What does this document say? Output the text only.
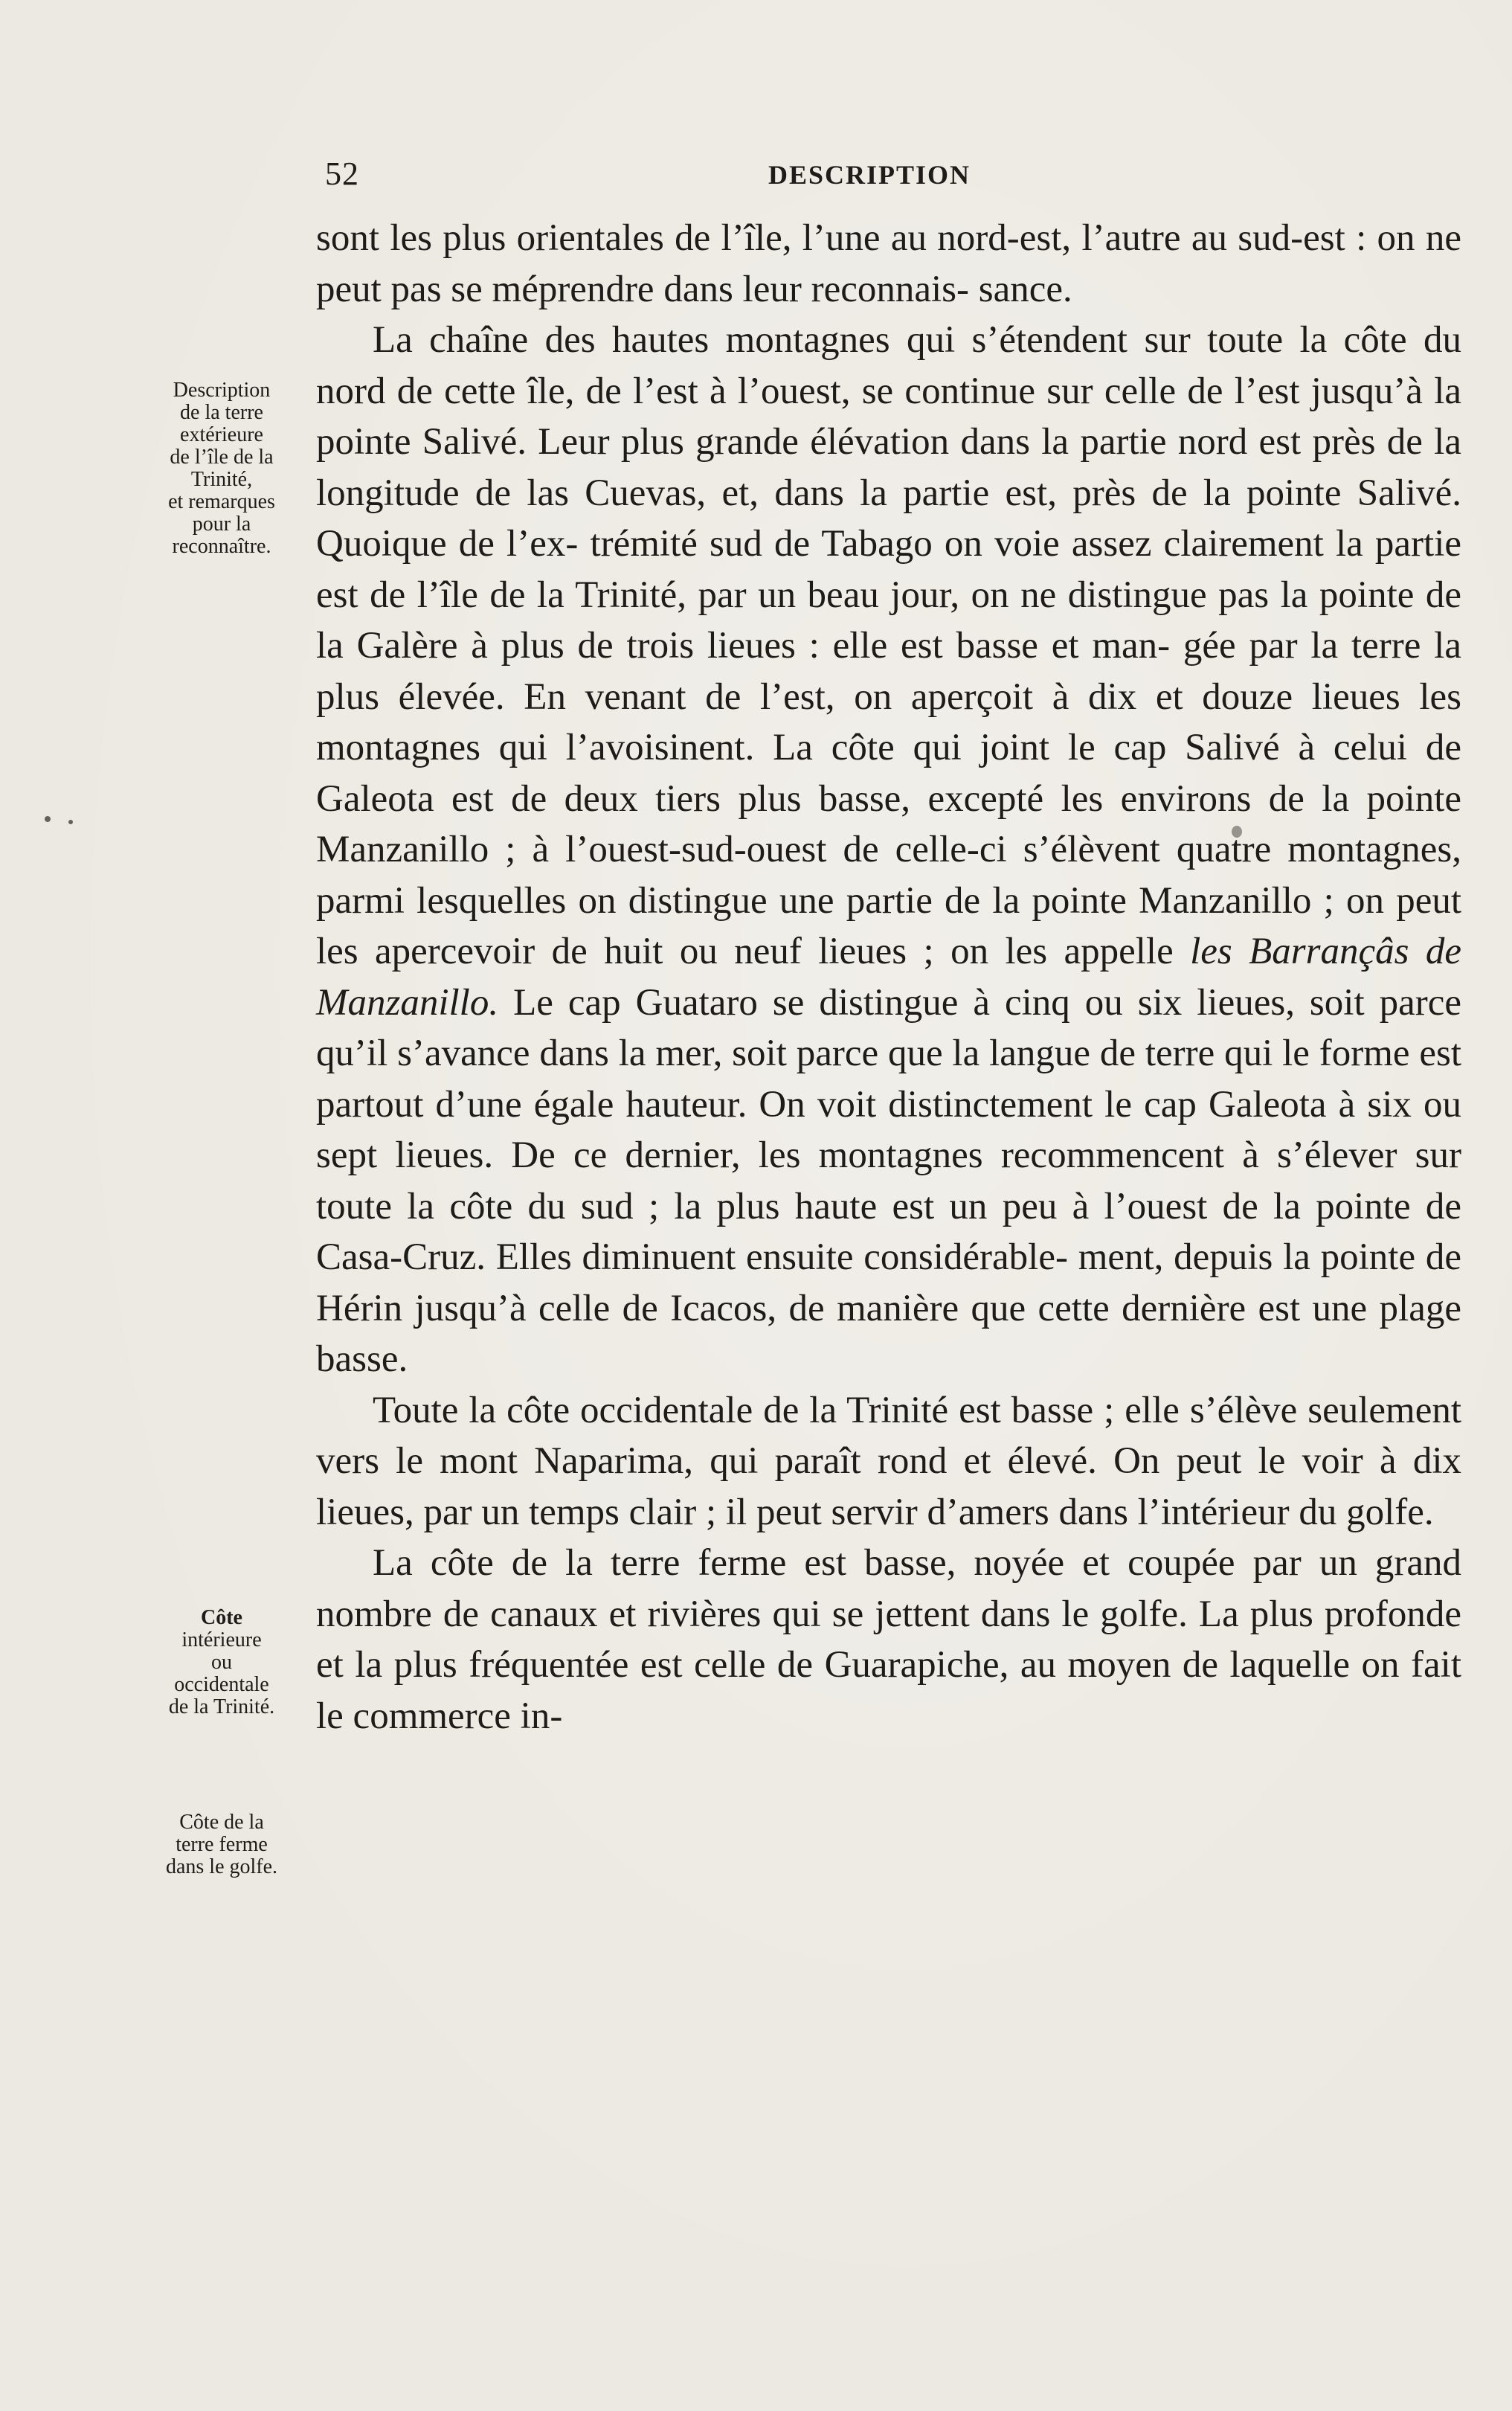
52	DESCRIPTION
Description
de la terre
extérieure
de l’île de la
Trinité,
et remarques
pour la
reconnaître.
Côte
intérieure
ou
occidentale
de la Trinité.
Côte de la
terre ferme
dans le golfe.

sont les plus orientales de l’île, l’une au nord-est, l’autre au sud-est : on ne peut pas se méprendre dans leur reconnais- sance.

La chaîne des hautes montagnes qui s’étendent sur toute la côte du nord de cette île, de l’est à l’ouest, se continue sur celle de l’est jusqu’à la pointe Salivé. Leur plus grande élévation dans la partie nord est près de la longitude de las Cuevas, et, dans la partie est, près de la pointe Salivé. Quoique de l’ex- trémité sud de Tabago on voie assez clairement la partie est de l’île de la Trinité, par un beau jour, on ne distingue pas la pointe de la Galère à plus de trois lieues : elle est basse et man- gée par la terre la plus élevée. En venant de l’est, on aperçoit à dix et douze lieues les montagnes qui l’avoisinent. La côte qui joint le cap Salivé à celui de Galeota est de deux tiers plus basse, excepté les environs de la pointe Manzanillo ; à l’ouest-sud-ouest de celle-ci s’élèvent quatre montagnes, parmi lesquelles on distingue une partie de la pointe Manzanillo ; on peut les apercevoir de huit ou neuf lieues ; on les appelle les Barrançâs de Manzanillo. Le cap Guataro se distingue à cinq ou six lieues, soit parce qu’il s’avance dans la mer, soit parce que la langue de terre qui le forme est partout d’une égale hauteur. On voit distinctement le cap Galeota à six ou sept lieues. De ce dernier, les montagnes recommencent à s’élever sur toute la côte du sud ; la plus haute est un peu à l’ouest de la pointe de Casa-Cruz. Elles diminuent ensuite considérable- ment, depuis la pointe de Hérin jusqu’à celle de Icacos, de manière que cette dernière est une plage basse.

Toute la côte occidentale de la Trinité est basse ; elle s’élève seulement vers le mont Naparima, qui paraît rond et élevé. On peut le voir à dix lieues, par un temps clair ; il peut servir d’amers dans l’intérieur du golfe.

La côte de la terre ferme est basse, noyée et coupée par un grand nombre de canaux et rivières qui se jettent dans le golfe. La plus profonde et la plus fréquentée est celle de Guarapiche, au moyen de laquelle on fait le commerce in-
